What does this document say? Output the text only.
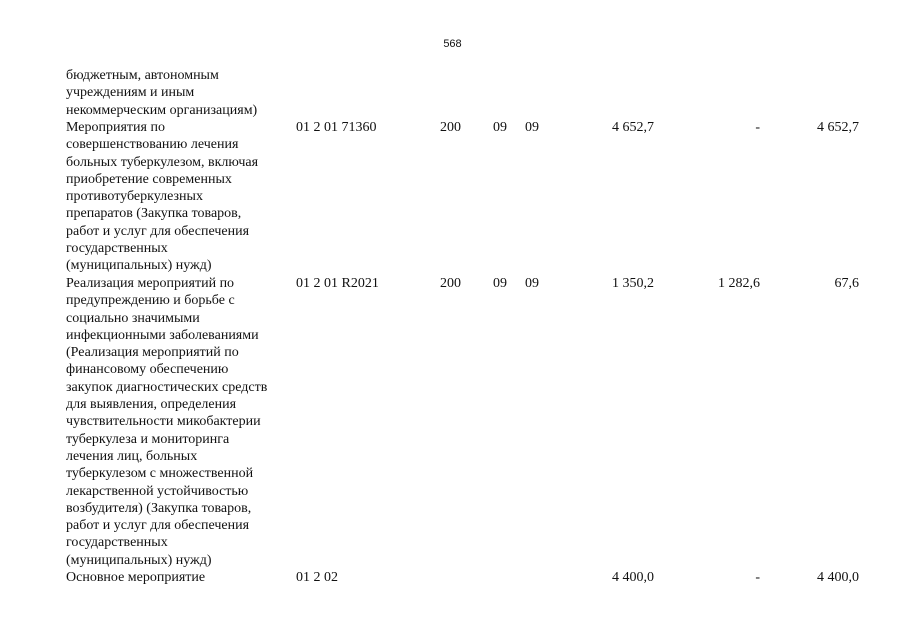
568
бюджетным, автономным
учреждениям и иным
некоммерческим организациям)
Мероприятия по
совершенствованию лечения
больных туберкулезом, включая
приобретение современных
противотуберкулезных
препаратов (Закупка товаров,
работ и услуг для обеспечения
государственных
(муниципальных) нужд)
01 2 01 71360	200 09 09	4 652,7	-	4 652,7
Реализация мероприятий по
предупреждению и борьбе с
социально значимыми
инфекционными заболеваниями
(Реализация мероприятий по
финансовому обеспечению
закупок диагностических средств
для выявления, определения
чувствительности микобактерии
туберкулеза и мониторинга
лечения лиц, больных
туберкулезом с множественной
лекарственной устойчивостью
возбудителя) (Закупка товаров,
работ и услуг для обеспечения
государственных
(муниципальных) нужд)
01 2 01 R2021	200 09 09	1 350,2	1 282,6	67,6
Основное мероприятие	01 2 02	4 400,0	-	4 400,0
